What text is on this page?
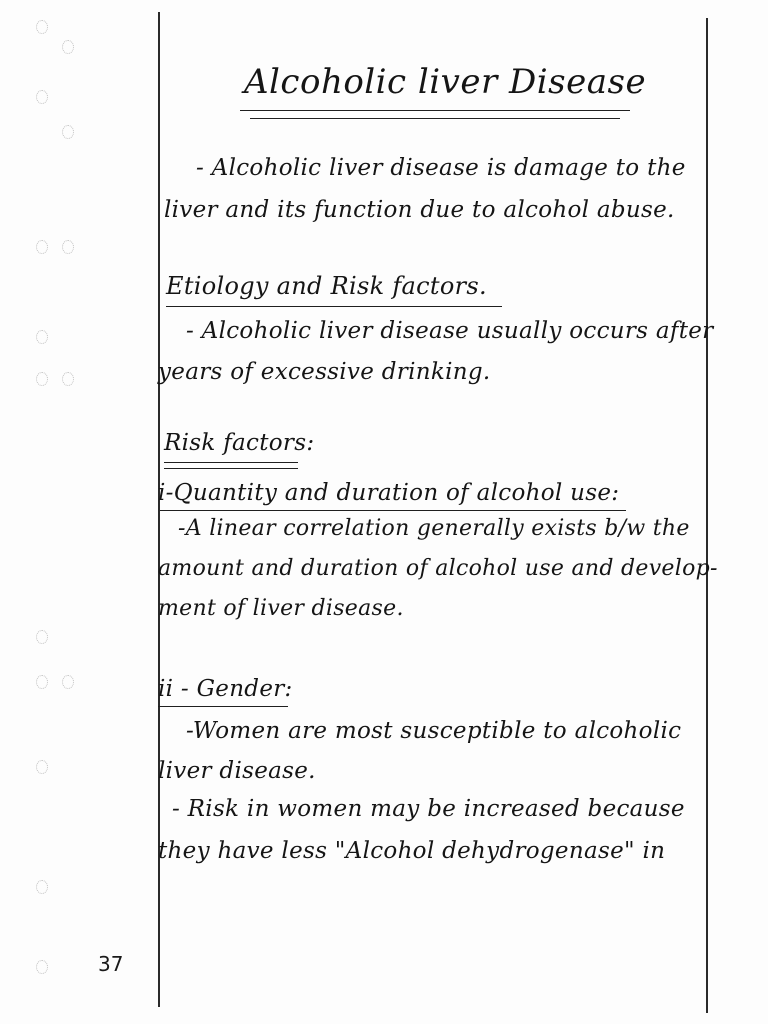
Alcoholic liver Disease
- Alcoholic liver disease is damage to the
liver and its function due to alcohol abuse.
Etiology and Risk factors.
- Alcoholic liver disease usually occurs after
years of excessive drinking.
Risk factors:
i-Quantity and duration of alcohol use:
-A linear correlation generally exists b/w the
amount and duration of alcohol use and develop-
ment of liver disease.
ii - Gender:
-Women are most susceptible to alcoholic
liver disease.
- Risk in women may be increased because
they have less "Alcohol dehydrogenase" in
37
